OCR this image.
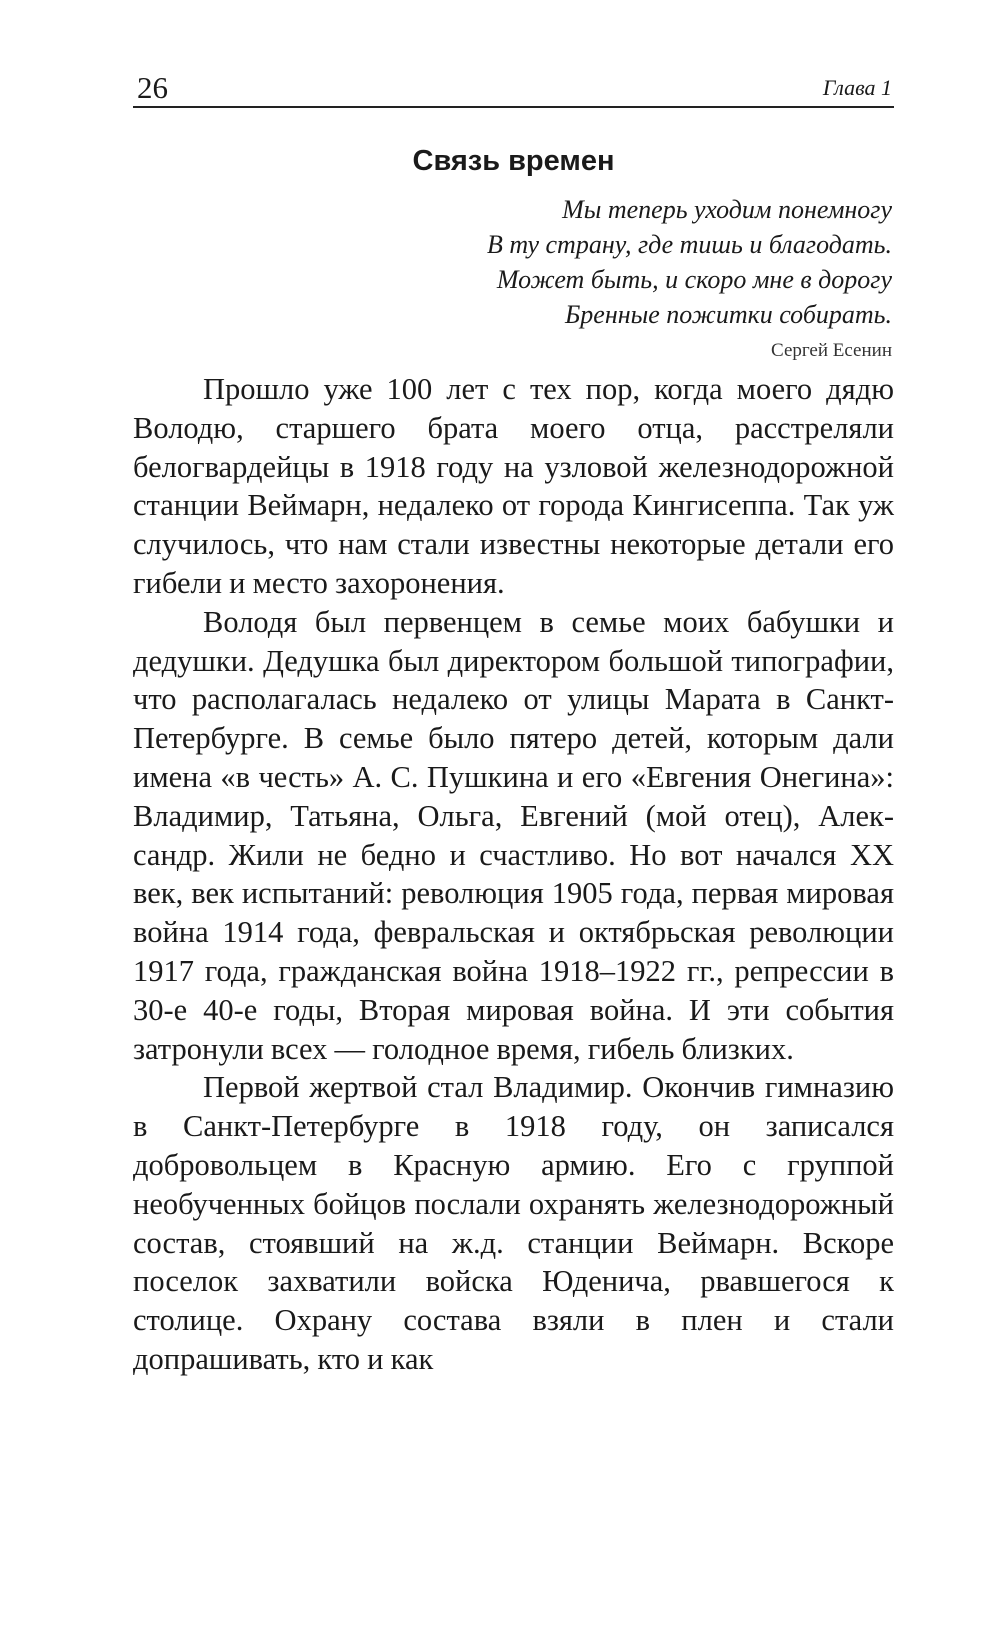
26	Глава 1
Связь времен
Мы теперь уходим понемногу
В ту страну, где тишь и благодать.
Может быть, и скоро мне в дорогу
Бренные пожитки собирать.
Сергей Есенин

Прошло уже 100 лет с тех пор, когда моего дядю Володю, старшего брата моего отца, расстреляли белогвардейцы в 1918 году на узловой железнодорожной станции Веймарн, недалеко от города Кингисеппа. Так уж случилось, что нам стали известны некоторые детали его гибели и место захоронения.

Володя был первенцем в семье моих бабушки и дедушки. Дедушка был директором большой типографии, что располагалась недалеко от улицы Марата в Санкт-Петербурге. В семье было пятеро детей, которым дали имена «в честь» А. С. Пушкина и его «Евгения Онегина»: Владимир, Татьяна, Ольга, Евгений (мой отец), Александр. Жили не бедно и счастливо. Но вот начался XX век, век испытаний: революция 1905 года, первая мировая война 1914 года, февральская и октябрьская революции 1917 года, гражданская война 1918–1922 гг., репрессии в 30-е 40-е годы, Вторая мировая война. И эти события затронули всех — голодное время, гибель близких.

Первой жертвой стал Владимир. Окончив гимназию в Санкт-Петербурге в 1918 году, он записался добровольцем в Красную армию. Его с группой необученных бойцов послали охранять железнодорожный состав, стоявший на ж.д. станции Веймарн. Вскоре поселок захватили войска Юденича, рвавшегося к столице. Охрану состава взяли в плен и стали допрашивать, кто и как
